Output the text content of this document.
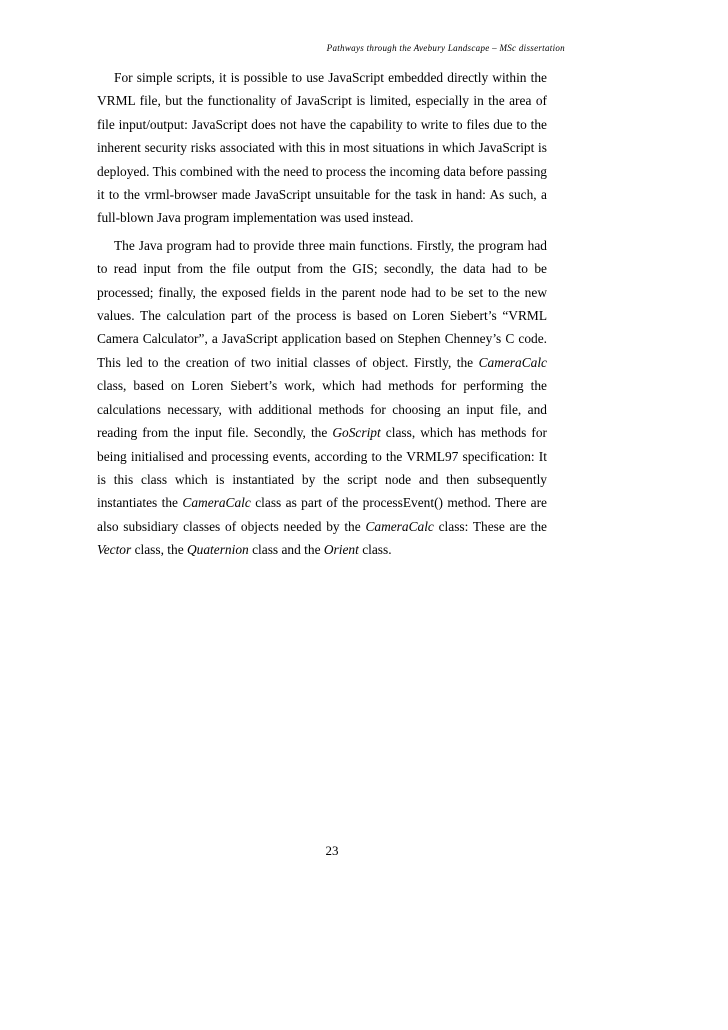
Pathways through the Avebury Landscape – MSc dissertation

For simple scripts, it is possible to use JavaScript embedded directly within the VRML file, but the functionality of JavaScript is limited, especially in the area of file input/output: JavaScript does not have the capability to write to files due to the inherent security risks associated with this in most situations in which JavaScript is deployed. This combined with the need to process the incoming data before passing it to the vrml-browser made JavaScript unsuitable for the task in hand: As such, a full-blown Java program implementation was used instead.

The Java program had to provide three main functions. Firstly, the program had to read input from the file output from the GIS; secondly, the data had to be processed; finally, the exposed fields in the parent node had to be set to the new values. The calculation part of the process is based on Loren Siebert’s “VRML Camera Calculator”, a JavaScript application based on Stephen Chenney’s C code. This led to the creation of two initial classes of object. Firstly, the CameraCalc class, based on Loren Siebert’s work, which had methods for performing the calculations necessary, with additional methods for choosing an input file, and reading from the input file. Secondly, the GoScript class, which has methods for being initialised and processing events, according to the VRML97 specification: It is this class which is instantiated by the script node and then subsequently instantiates the CameraCalc class as part of the processEvent() method. There are also subsidiary classes of objects needed by the CameraCalc class: These are the Vector class, the Quaternion class and the Orient class.

23
